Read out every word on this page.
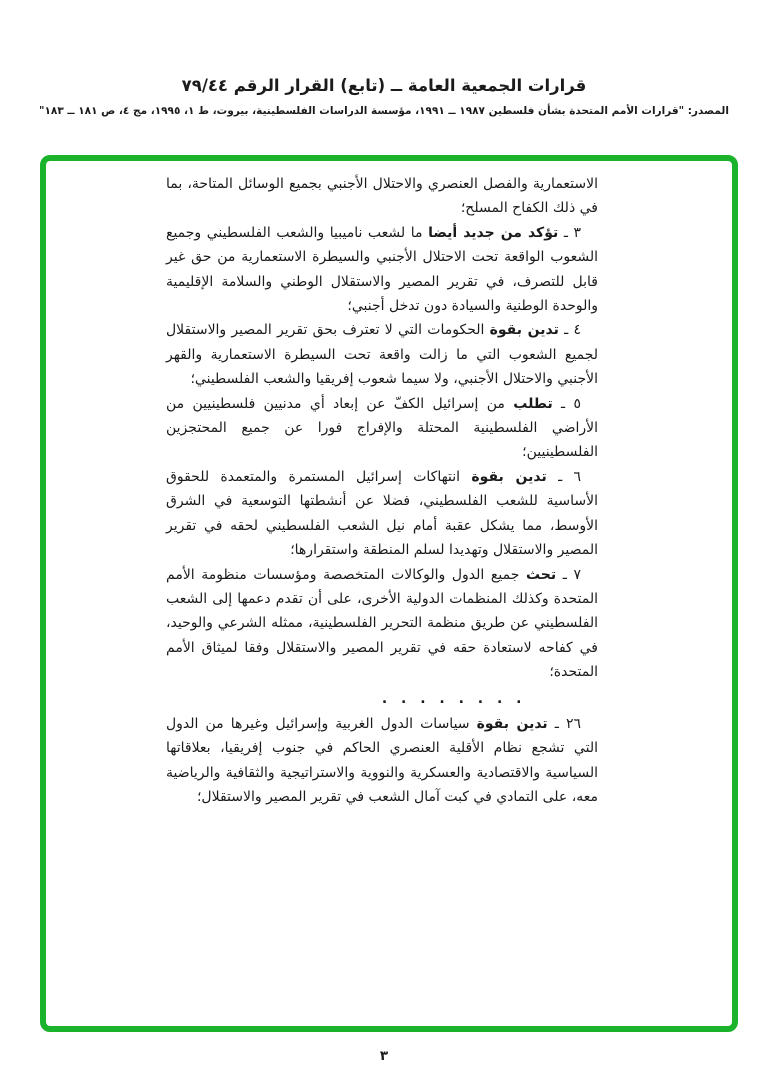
قرارات الجمعية العامة ــ (تابع) القرار الرقم ٧٩/٤٤
المصدر: "قرارات الأمم المتحدة بشأن فلسطين ١٩٨٧ ــ ١٩٩١، مؤسسة الدراسات الفلسطينية، بيروت، ط ١، ١٩٩٥، مج ٤، ص ١٨١ ــ ١٨٣"

الاستعمارية والفصل العنصري والاحتلال الأجنبي بجميع الوسائل المتاحة، بما في ذلك الكفاح المسلح؛

٣ ـ تؤكد من جديد أيضا ما لشعب ناميبيا والشعب الفلسطيني وجميع الشعوب الواقعة تحت الاحتلال الأجنبي والسيطرة الاستعمارية من حق غير قابل للتصرف، في تقرير المصير والاستقلال الوطني والسلامة الإقليمية والوحدة الوطنية والسيادة دون تدخل أجنبي؛

٤ ـ تدين بقوة الحكومات التي لا تعترف بحق تقرير المصير والاستقلال لجميع الشعوب التي ما زالت واقعة تحت السيطرة الاستعمارية والقهر الأجنبي والاحتلال الأجنبي، ولا سيما شعوب إفريقيا والشعب الفلسطيني؛

٥ ـ تطلب من إسرائيل الكفّ عن إبعاد أي مدنيين فلسطينيين من الأراضي الفلسطينية المحتلة والإفراج فورا عن جميع المحتجزين الفلسطينيين؛

٦ ـ تدين بقوة انتهاكات إسرائيل المستمرة والمتعمدة للحقوق الأساسية للشعب الفلسطيني، فضلا عن أنشطتها التوسعية في الشرق الأوسط، مما يشكل عقبة أمام نيل الشعب الفلسطيني لحقه في تقرير المصير والاستقلال وتهديدا لسلم المنطقة واستقرارها؛

٧ ـ تحث جميع الدول والوكالات المتخصصة ومؤسسات منظومة الأمم المتحدة وكذلك المنظمات الدولية الأخرى، على أن تقدم دعمها إلى الشعب الفلسطيني عن طريق منظمة التحرير الفلسطينية، ممثله الشرعي والوحيد، في كفاحه لاستعادة حقه في تقرير المصير والاستقلال وفقا لميثاق الأمم المتحدة؛

. . . . . . . .

٢٦ ـ تدين بقوة سياسات الدول الغربية وإسرائيل وغيرها من الدول التي تشجع نظام الأقلية العنصري الحاكم في جنوب إفريقيا، بعلاقاتها السياسية والاقتصادية والعسكرية والنووية والاستراتيجية والثقافية والرياضية معه، على التمادي في كبت آمال الشعب في تقرير المصير والاستقلال؛

٣
